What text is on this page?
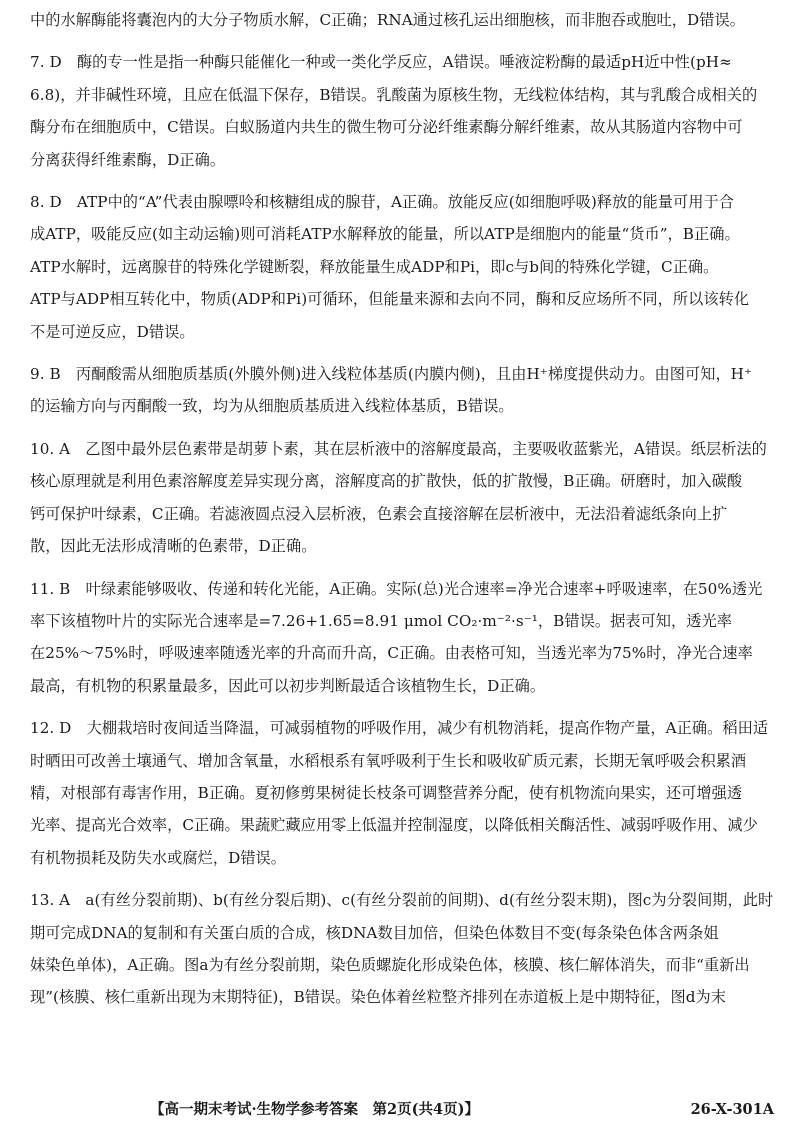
中的水解酶能将囊泡内的大分子物质水解，C正确；RNA通过核孔运出细胞核，而非胞吞或胞吐，D错误。
7. D　酶的专一性是指一种酶只能催化一种或一类化学反应，A错误。唾液淀粉酶的最适pH近中性(pH≈
6.8)，并非碱性环境，且应在低温下保存，B错误。乳酸菌为原核生物，无线粒体结构，其与乳酸合成相关的
酶分布在细胞质中，C错误。白蚁肠道内共生的微生物可分泌纤维素酶分解纤维素，故从其肠道内容物中可
分离获得纤维素酶，D正确。
8. D　ATP中的“A”代表由腺嘌呤和核糖组成的腺苷，A正确。放能反应(如细胞呼吸)释放的能量可用于合
成ATP，吸能反应(如主动运输)则可消耗ATP水解释放的能量，所以ATP是细胞内的能量“货币”，B正确。
ATP水解时，远离腺苷的特殊化学键断裂，释放能量生成ADP和Pi，即c与b间的特殊化学键，C正确。
ATP与ADP相互转化中，物质(ADP和Pi)可循环，但能量来源和去向不同，酶和反应场所不同，所以该转化
不是可逆反应，D错误。
9. B　丙酮酸需从细胞质基质(外膜外侧)进入线粒体基质(内膜内侧)，且由H⁺梯度提供动力。由图可知，H⁺
的运输方向与丙酮酸一致，均为从细胞质基质进入线粒体基质，B错误。
10. A　乙图中最外层色素带是胡萝卜素，其在层析液中的溶解度最高，主要吸收蓝紫光，A错误。纸层析法的
核心原理就是利用色素溶解度差异实现分离，溶解度高的扩散快，低的扩散慢，B正确。研磨时，加入碳酸
钙可保护叶绿素，C正确。若滤液圆点浸入层析液，色素会直接溶解在层析液中，无法沿着滤纸条向上扩
散，因此无法形成清晰的色素带，D正确。
11. B　叶绿素能够吸收、传递和转化光能，A正确。实际(总)光合速率=净光合速率+呼吸速率，在50%透光
率下该植物叶片的实际光合速率是=7.26+1.65=8.91 μmol CO₂·m⁻²·s⁻¹，B错误。据表可知，透光率
在25%～75%时，呼吸速率随透光率的升高而升高，C正确。由表格可知，当透光率为75%时，净光合速率
最高，有机物的积累量最多，因此可以初步判断最适合该植物生长，D正确。
12. D　大棚栽培时夜间适当降温，可减弱植物的呼吸作用，减少有机物消耗，提高作物产量，A正确。稻田适
时晒田可改善土壤通气、增加含氧量，水稻根系有氧呼吸利于生长和吸收矿质元素，长期无氧呼吸会积累酒
精，对根部有毒害作用，B正确。夏初修剪果树徒长枝条可调整营养分配，使有机物流向果实，还可增强透
光率、提高光合效率，C正确。果蔬贮藏应用零上低温并控制湿度，以降低相关酶活性、减弱呼吸作用、减少
有机物损耗及防失水或腐烂，D错误。
13. A　a(有丝分裂前期)、b(有丝分裂后期)、c(有丝分裂前的间期)、d(有丝分裂末期)，图c为分裂间期，此时
期可完成DNA的复制和有关蛋白质的合成，核DNA数目加倍，但染色体数目不变(每条染色体含两条姐
妹染色单体)，A正确。图a为有丝分裂前期，染色质螺旋化形成染色体，核膜、核仁解体消失，而非“重新出
现”(核膜、核仁重新出现为末期特征)，B错误。染色体着丝粒整齐排列在赤道板上是中期特征，图d为末
【高一期末考试·生物学参考答案　第2页(共4页)】	26-X-301A
